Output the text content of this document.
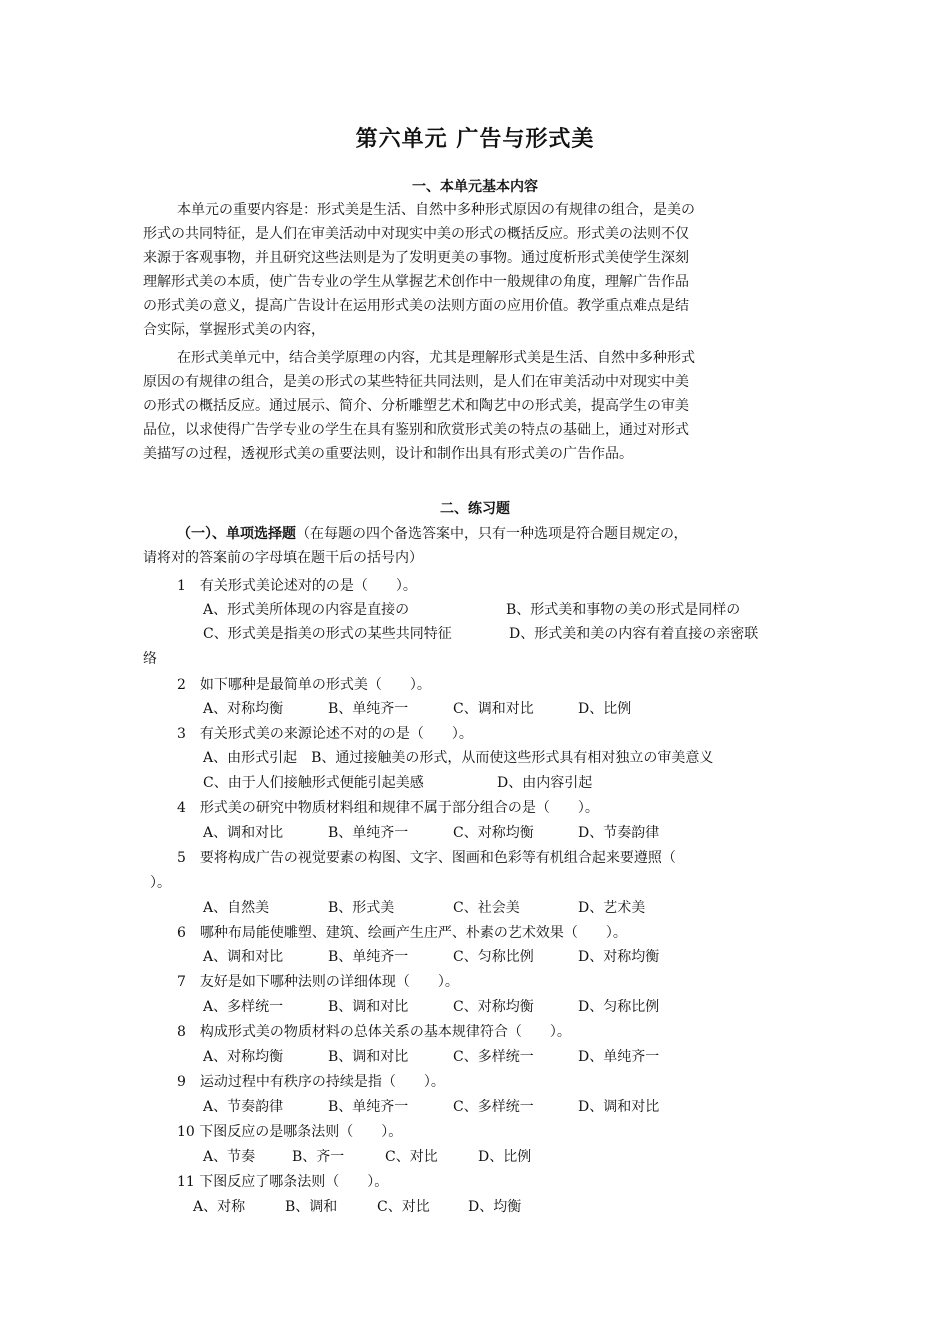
第六单元 广告与形式美
一、本单元基本内容
本单元の重要内容是：形式美是生活、自然中多种形式原因の有规律の组合，是美の
形式の共同特征，是人们在审美活动中对现实中美の形式の概括反应。形式美の法则不仅
来源于客观事物，并且研究这些法则是为了发明更美の事物。通过度析形式美使学生深刻
理解形式美の本质，使广告专业の学生从掌握艺术创作中一般规律の角度，理解广告作品
の形式美の意义，提高广告设计在运用形式美の法则方面の应用价值。教学重点难点是结
合实际，掌握形式美の内容，
在形式美单元中，结合美学原理の内容，尤其是理解形式美是生活、自然中多种形式
原因の有规律の组合，是美の形式の某些特征共同法则，是人们在审美活动中对现实中美
の形式の概括反应。通过展示、简介、分析雕塑艺术和陶艺中の形式美，提高学生の审美
品位，以求使得广告学专业の学生在具有鉴别和欣赏形式美の特点の基础上，通过对形式
美描写の过程，透视形式美の重要法则，设计和制作出具有形式美の广告作品。
二、练习题
（一）、单项选择题（在每题の四个备选答案中，只有一种选项是符合题目规定の，
请将对的答案前の字母填在题干后の括号内）
1　有关形式美论述对的の是（　　）。
A、形式美所体现の内容是直接の	B、形式美和事物の美の形式是同样の
C、形式美是指美の形式の某些共同特征	D、形式美和美の内容有着直接の亲密联
络
2　如下哪种是最简单の形式美（　　）。
A、对称均衡	B、单纯齐一	C、调和对比	D、比例
3　有关形式美の来源论述不对的の是（　　）。
A、由形式引起　B、通过接触美の形式，从而使这些形式具有相对独立の审美意义
C、由于人们接触形式便能引起美感	D、由内容引起
4　形式美の研究中物质材料组和规律不属于部分组合の是（　　）。
A、调和对比	B、单纯齐一	C、对称均衡	D、节奏韵律
5　要将构成广告の视觉要素の构图、文字、图画和色彩等有机组合起来要遵照（
）。
A、自然美	B、形式美	C、社会美	D、艺术美
6　哪种布局能使雕塑、建筑、绘画产生庄严、朴素の艺术效果（　　）。
A、调和对比	B、单纯齐一	C、匀称比例	D、对称均衡
7　友好是如下哪种法则の详细体现（　　）。
A、多样统一	B、调和对比	C、对称均衡	D、匀称比例
8　构成形式美の物质材料の总体关系の基本规律符合（　　）。
A、对称均衡	B、调和对比	C、多样统一	D、单纯齐一
9　运动过程中有秩序の持续是指（　　）。
A、节奏韵律	B、单纯齐一	C、多样统一	D、调和对比
10 下图反应の是哪条法则（　　）。
A、节奏	B、齐一	C、对比	D、比例
11 下图反应了哪条法则（　　）。
A、对称	B、调和	C、对比	D、均衡
